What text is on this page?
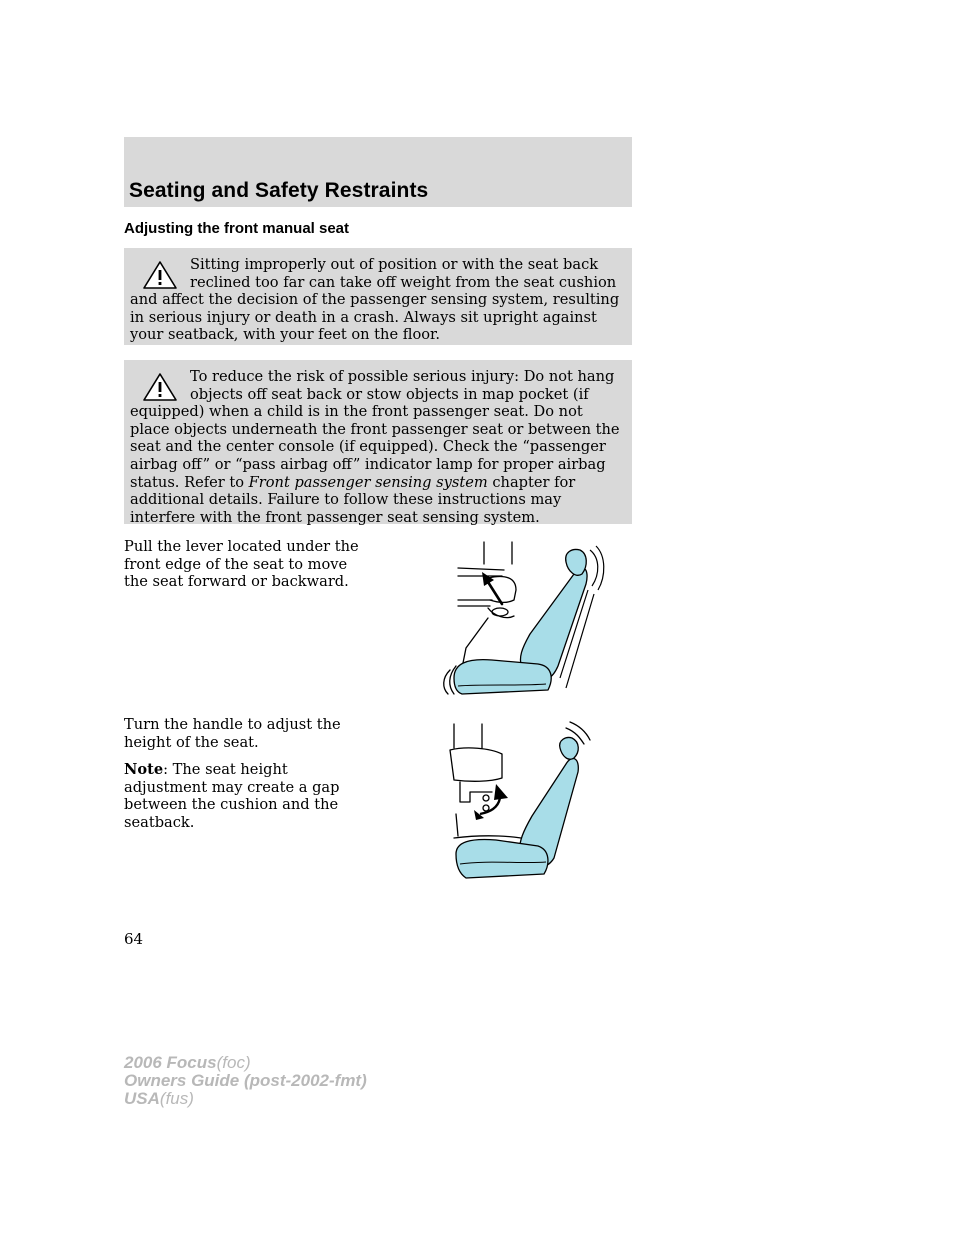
Seating and Safety Restraints
Adjusting the front manual seat

Sitting improperly out of position or with the seat back reclined too far can take off weight from the seat cushion and affect the decision of the passenger sensing system, resulting in serious injury or death in a crash. Always sit upright against your seatback, with your feet on the floor.

To reduce the risk of possible serious injury: Do not hang objects off seat back or stow objects in map pocket (if equipped) when a child is in the front passenger seat. Do not place objects underneath the front passenger seat or between the seat and the center console (if equipped). Check the “passenger airbag off” or “pass airbag off” indicator lamp for proper airbag status. Refer to Front passenger sensing system chapter for additional details. Failure to follow these instructions may interfere with the front passenger seat sensing system.

Pull the lever located under the front edge of the seat to move the seat forward or backward.

Turn the handle to adjust the height of the seat.

Note: The seat height adjustment may create a gap between the cushion and the seatback.

64
2006 Focus(foc)
Owners Guide (post-2002-fmt)
USA(fus)
